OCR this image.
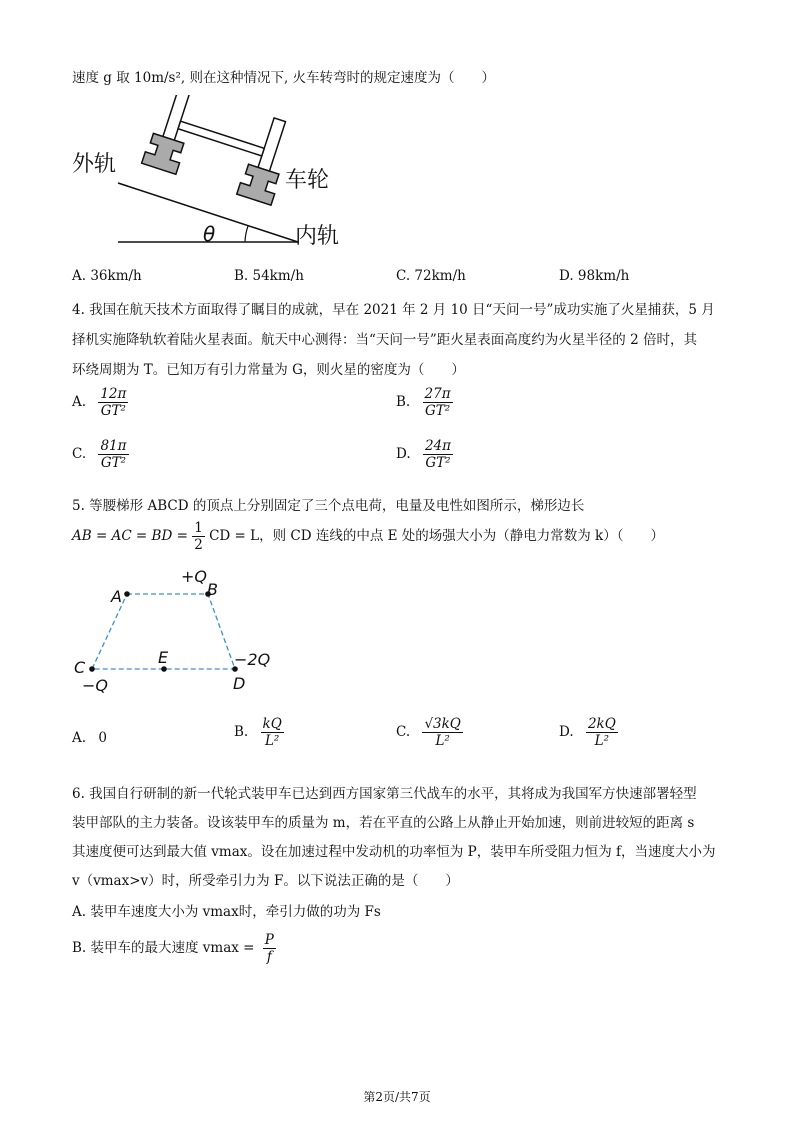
速度 g 取 10m/s², 则在这种情况下, 火车转弯时的规定速度为（　　）
外轨
车轮
内轨
θ
A. 36km/h	B. 54km/h	C. 72km/h	D. 98km/h
4. 我国在航天技术方面取得了瞩目的成就，早在 2021 年 2 月 10 日“天问一号”成功实施了火星捕获，5 月
择机实施降轨软着陆火星表面。航天中心测得：当“天问一号”距火星表面高度约为火星半径的 2 倍时，其
环绕周期为 T。已知万有引力常量为 G，则火星的密度为（　　）
A. $\frac{12\pi}{\text{GT²}}$	B. $\frac{27\pi}{\text{GT²}}$
C. $\frac{81\pi}{\text{GT²}}$	D. $\frac{24\pi}{\text{GT²}}$
5. 等腰梯形 ABCD 的顶点上分别固定了三个点电荷，电量及电性如图所示，梯形边长
AB = AC = BD = $\frac{1}{2}$ CD = L，则 CD 连线的中点 E 处的场强大小为（静电力常数为 k）（　　）
A	B
+Q
C
−Q	D
−2Q
E
A. 0	B. $\frac{kQ}{\text{L²}}$	C. $\frac{√3kQ}{\text{L²}}$	D. $\frac{2kQ}{\text{L²}}$
6. 我国自行研制的新一代轮式装甲车已达到西方国家第三代战车的水平，其将成为我国军方快速部署轻型
装甲部队的主力装备。设该装甲车的质量为 m，若在平直的公路上从静止开始加速，则前进较短的距离 s
其速度便可达到最大值 vmax。设在加速过程中发动机的功率恒为 P，装甲车所受阻力恒为 f，当速度大小为
v（vmax>v）时，所受牵引力为 F。以下说法正确的是（　　）
A. 装甲车速度大小为 vmax时，牵引力做的功为 Fs
B. 装甲车的最大速度 $vmax = \frac{P}{f}$
第2页/共7页
